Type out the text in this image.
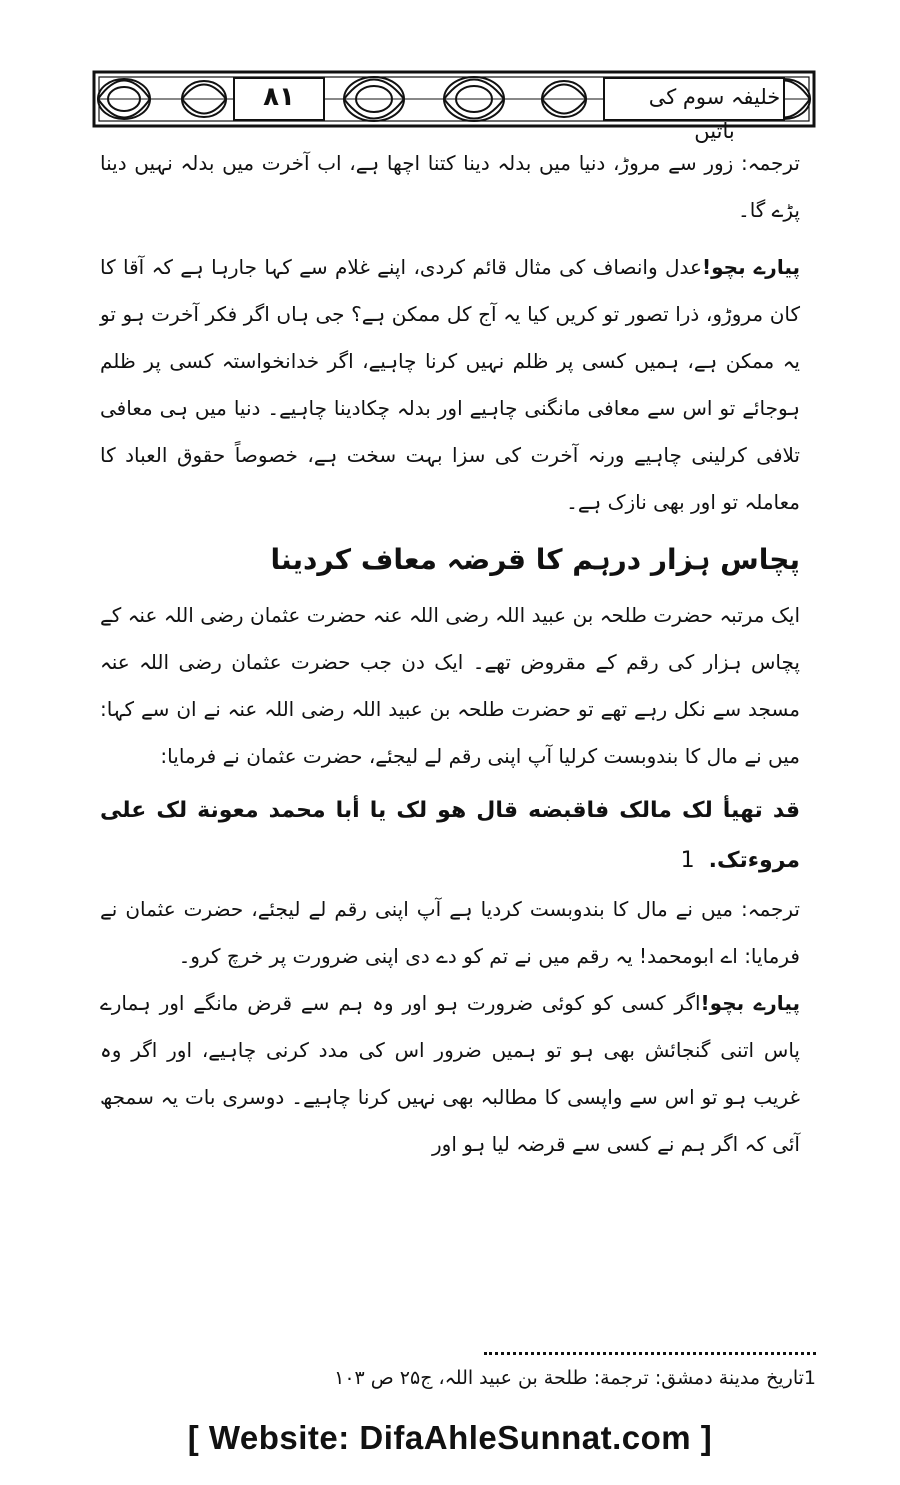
۸۱	خلیفہ سوم کی باتیں

ترجمہ: زور سے مروڑ، دنیا میں بدلہ دینا کتنا اچھا ہے، اب آخرت میں بدلہ نہیں دینا پڑے گا۔

پیارے بچو!عدل وانصاف کی مثال قائم کردی، اپنے غلام سے کہا جارہا ہے کہ آقا کا کان مروڑو، ذرا تصور تو کریں کیا یہ آج کل ممکن ہے؟ جی ہاں اگر فکر آخرت ہو تو یہ ممکن ہے، ہمیں کسی پر ظلم نہیں کرنا چاہیے، اگر خدانخواستہ کسی پر ظلم ہوجائے تو اس سے معافی مانگنی چاہیے اور بدلہ چکادینا چاہیے۔ دنیا میں ہی معافی تلافی کرلینی چاہیے ورنہ آخرت کی سزا بہت سخت ہے، خصوصاً حقوق العباد کا معاملہ تو اور بھی نازک ہے۔

پچاس ہزار درہم کا قرضہ معاف کردینا

ایک مرتبہ حضرت طلحہ بن عبید اللہ رضی اللہ عنہ حضرت عثمان رضی اللہ عنہ کے پچاس ہزار کی رقم کے مقروض تھے۔ ایک دن جب حضرت عثمان رضی اللہ عنہ مسجد سے نکل رہے تھے تو حضرت طلحہ بن عبید اللہ رضی اللہ عنہ نے ان سے کہا: میں نے مال کا بندوبست کرلیا آپ اپنی رقم لے لیجئے، حضرت عثمان نے فرمایا:

قد تھیأ لک مالک فاقبضه قال ھو لک یا أبا محمد معونة لک علی مروءتک.1

ترجمہ: میں نے مال کا بندوبست کردیا ہے آپ اپنی رقم لے لیجئے، حضرت عثمان نے فرمایا: اے ابومحمد! یہ رقم میں نے تم کو دے دی اپنی ضرورت پر خرچ کرو۔

پیارے بچو!اگر کسی کو کوئی ضرورت ہو اور وہ ہم سے قرض مانگے اور ہمارے پاس اتنی گنجائش بھی ہو تو ہمیں ضرور اس کی مدد کرنی چاہیے، اور اگر وہ غریب ہو تو اس سے واپسی کا مطالبہ بھی نہیں کرنا چاہیے۔ دوسری بات یہ سمجھ آئی کہ اگر ہم نے کسی سے قرضہ لیا ہو اور

1تاریخ مدینة دمشق: ترجمة: طلحة بن عبید اللہ، ج۲۵ ص ۱۰۳
[ Website: DifaAhleSunnat.com ]
